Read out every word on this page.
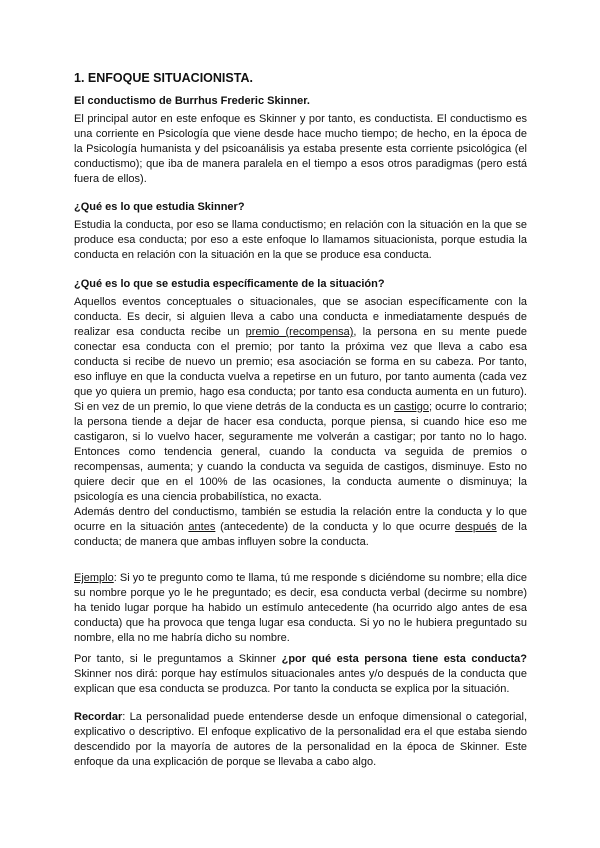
1. ENFOQUE SITUACIONISTA.
El conductismo de Burrhus Frederic Skinner.

El principal autor en este enfoque es Skinner y por tanto, es conductista. El conductismo es una corriente en Psicología que viene desde hace mucho tiempo; de hecho, en la época de la Psicología humanista y del psicoanálisis ya estaba presente esta corriente psicológica (el conductismo); que iba de manera paralela en el tiempo a esos otros paradigmas (pero está fuera de ellos).

¿Qué es lo que estudia Skinner?

Estudia la conducta, por eso se llama conductismo; en relación con la situación en la que se produce esa conducta; por eso a este enfoque lo llamamos situacionista, porque estudia la conducta en relación con la situación en la que se produce esa conducta.

¿Qué es lo que se estudia específicamente de la situación?

Aquellos eventos conceptuales o situacionales, que se asocian específicamente con la conducta. Es decir, si alguien lleva a cabo una conducta e inmediatamente después de realizar esa conducta recibe un premio (recompensa), la persona en su mente puede conectar esa conducta con el premio; por tanto la próxima vez que lleva a cabo esa conducta si recibe de nuevo un premio; esa asociación se forma en su cabeza. Por tanto, eso influye en que la conducta vuelva a repetirse en un futuro, por tanto aumenta (cada vez que yo quiera un premio, hago esa conducta; por tanto esa conducta aumenta en un futuro). Si en vez de un premio, lo que viene detrás de la conducta es un castigo; ocurre lo contrario; la persona tiende a dejar de hacer esa conducta, porque piensa, si cuando hice eso me castigaron, si lo vuelvo hacer, seguramente me volverán a castigar; por tanto no lo hago. Entonces como tendencia general, cuando la conducta va seguida de premios o recompensas, aumenta; y cuando la conducta va seguida de castigos, disminuye. Esto no quiere decir que en el 100% de las ocasiones, la conducta aumente o disminuya; la psicología es una ciencia probabilística, no exacta.
Además dentro del conductismo, también se estudia la relación entre la conducta y lo que ocurre en la situación antes (antecedente) de la conducta y lo que ocurre después de la conducta; de manera que ambas influyen sobre la conducta.

Ejemplo: Si yo te pregunto como te llama, tú me responde s diciéndome su nombre; ella dice su nombre porque yo le he preguntado; es decir, esa conducta verbal (decirme su nombre) ha tenido lugar porque ha habido un estímulo antecedente (ha ocurrido algo antes de esa conducta) que ha provoca que tenga lugar esa conducta. Si yo no le hubiera preguntado su nombre, ella no me habría dicho su nombre.

Por tanto, si le preguntamos a Skinner ¿por qué esta persona tiene esta conducta? Skinner nos dirá: porque hay estímulos situacionales antes y/o después de la conducta que explican que esa conducta se produzca. Por tanto la conducta se explica por la situación.

Recordar: La personalidad puede entenderse desde un enfoque dimensional o categorial, explicativo o descriptivo. El enfoque explicativo de la personalidad era el que estaba siendo descendido por la mayoría de autores de la personalidad en la época de Skinner. Este enfoque da una explicación de porque se llevaba a cabo algo.
